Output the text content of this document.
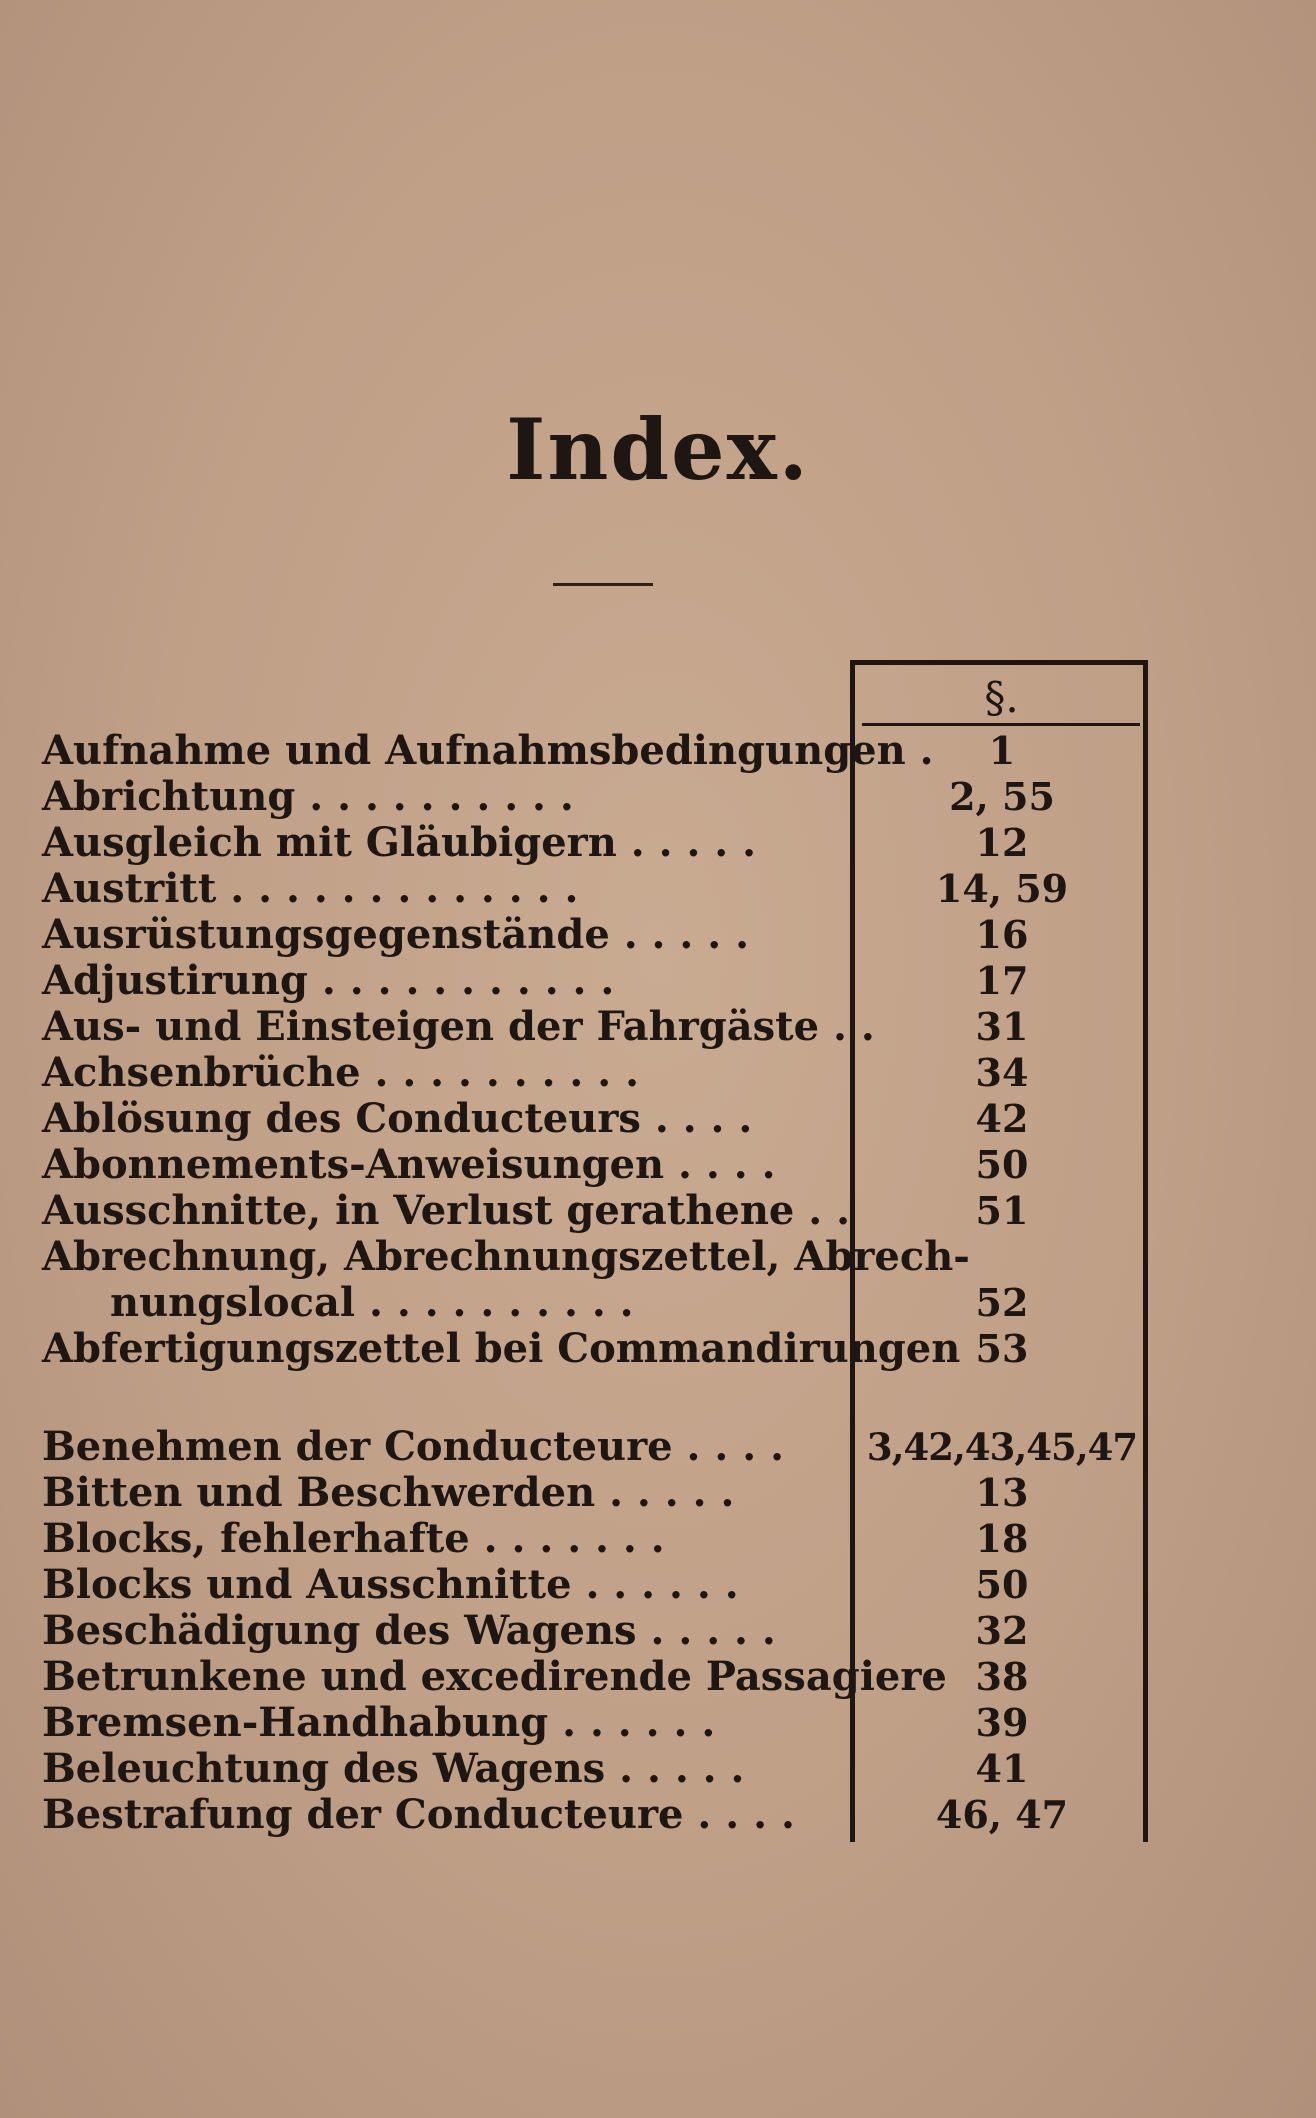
Index.
§.
Aufnahme und Aufnahmsbedingungen .	1
Abrichtung . . . . . . . . . .	2, 55
Ausgleich mit Gläubigern . . . . .	12
Austritt . . . . . . . . . . . . .	14, 59
Ausrüstungsgegenstände . . . . .	16
Adjustirung . . . . . . . . . . .	17
Aus- und Einsteigen der Fahrgäste . .	31
Achsenbrüche . . . . . . . . . .	34
Ablösung des Conducteurs . . . .	42
Abonnements-Anweisungen . . . .	50
Ausschnitte, in Verlust gerathene . .	51
Abrechnung, Abrechnungszettel, Abrech-
nungslocal . . . . . . . . . .	52
Abfertigungszettel bei Commandirungen 53
Benehmen der Conducteure . . . .	3,42,43,45,47
Bitten und Beschwerden . . . . .	13
Blocks, fehlerhafte . . . . . . .	18
Blocks und Ausschnitte . . . . . .	50
Beschädigung des Wagens . . . . .	32
Betrunkene und excedirende Passagiere 38
Bremsen-Handhabung . . . . . .	39
Beleuchtung des Wagens . . . . .	41
Bestrafung der Conducteure . . . .	46, 47
